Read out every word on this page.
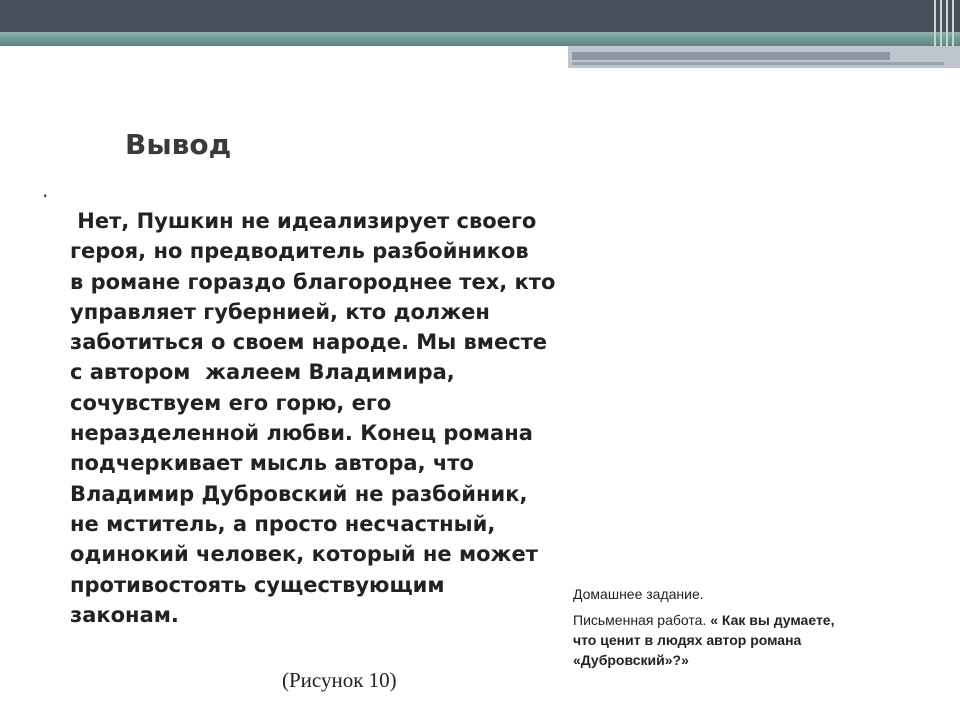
Вывод
.

Нет, Пушкин не идеализирует своего
героя, но предводитель разбойников
в романе гораздо благороднее тех, кто
управляет губернией, кто должен
заботиться о своем народе. Мы вместе
с автором  жалеем Владимира,
сочувствуем его горю, его
неразделенной любви. Конец романа
подчеркивает мысль автора, что
Владимир Дубровский не разбойник,
не мститель, а просто несчастный,
одинокий человек, который не может
противостоять существующим
законам.

(Рисунок 10)
Домашнее задание.
Письменная работа. « Как вы думаете,
что ценит в людях автор романа
«Дубровский»?»
